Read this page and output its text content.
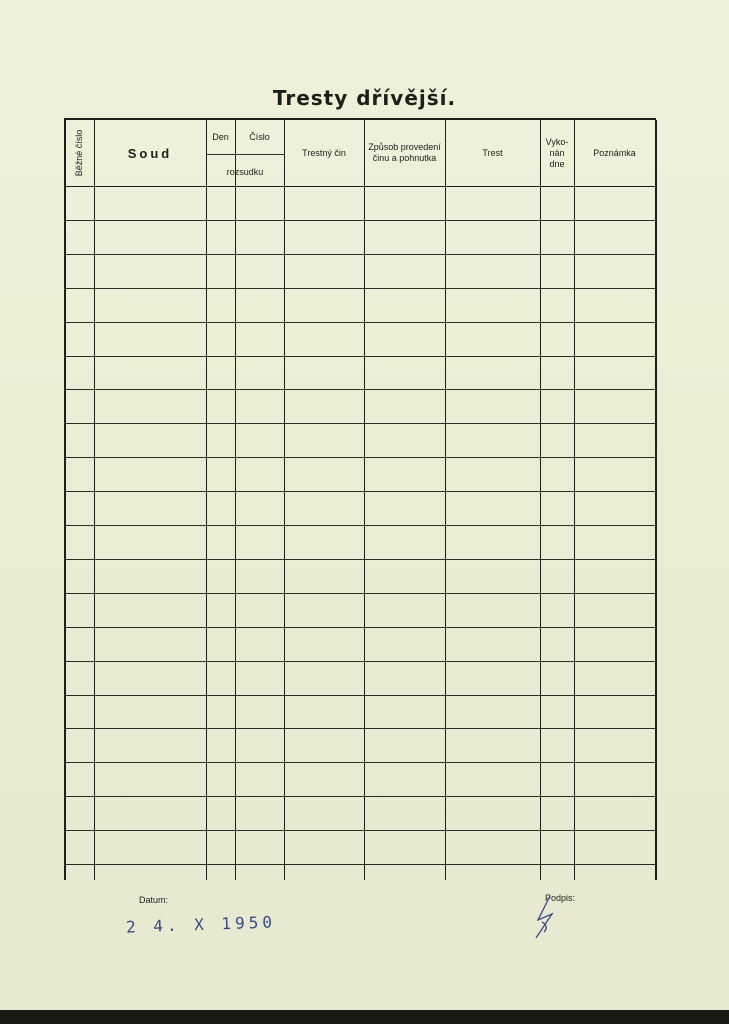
Tresty dřívější.
Běžné číslo	Soud
Den	Číslo
rozsudku
Trestný čin
Způsob provedení činu a pohnutka
Trest
Vyko- nán dne
Poznámka
Datum:
2 4. X 1950
Podpis:
